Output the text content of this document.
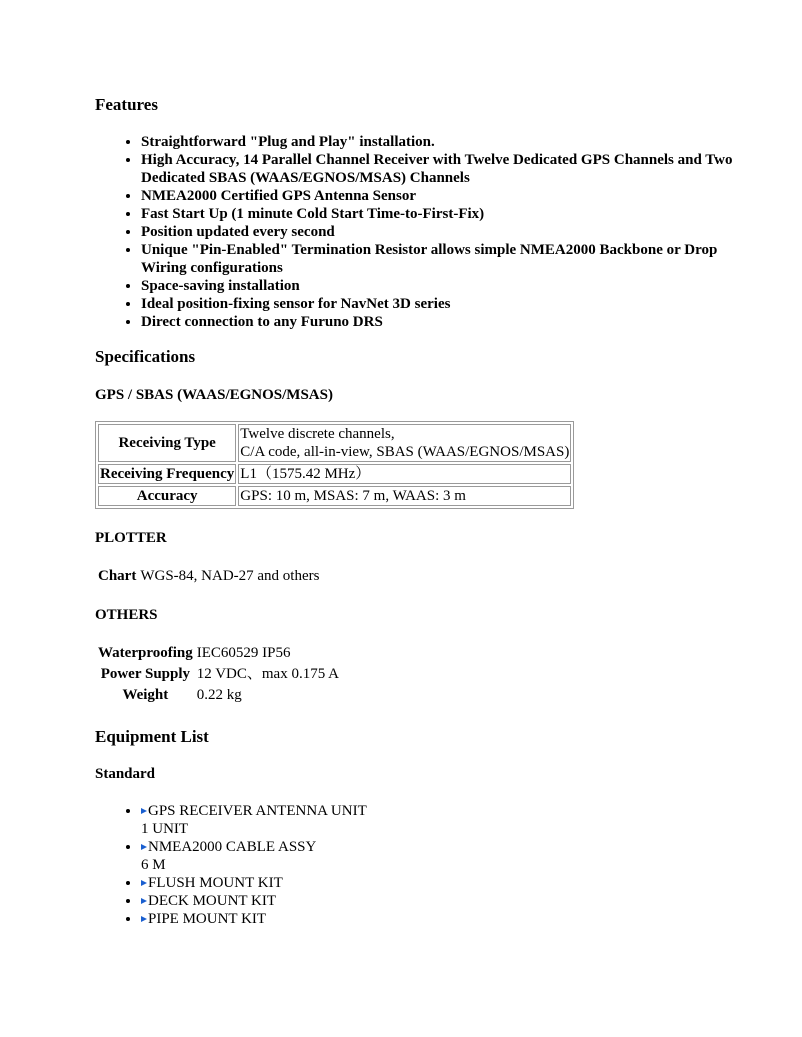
Features
• Straightforward "Plug and Play" installation.
• High Accuracy, 14 Parallel Channel Receiver with Twelve Dedicated GPS Channels and Two Dedicated SBAS (WAAS/EGNOS/MSAS) Channels
• NMEA2000 Certified GPS Antenna Sensor
• Fast Start Up (1 minute Cold Start Time-to-First-Fix)
• Position updated every second
• Unique "Pin-Enabled" Termination Resistor allows simple NMEA2000 Backbone or Drop Wiring configurations
• Space-saving installation
• Ideal position-fixing sensor for NavNet 3D series
• Direct connection to any Furuno DRS
Specifications
GPS / SBAS (WAAS/EGNOS/MSAS)
Receiving Type	Twelve discrete channels,
C/A code, all-in-view, SBAS (WAAS/EGNOS/MSAS)

Receiving Frequency	L1（1575.42 MHz）
Accuracy	GPS: 10 m, MSAS: 7 m, WAAS: 3 m
PLOTTER
Chart	WGS-84, NAD-27 and others
OTHERS
Waterproofing	IEC60529 IP56
Power Supply	12 VDC、max 0.175 A
Weight	0.22 kg
Equipment List
Standard
• GPS RECEIVER ANTENNA UNIT
1 UNIT
• NMEA2000 CABLE ASSY
6 M
• FLUSH MOUNT KIT
• DECK MOUNT KIT
• PIPE MOUNT KIT
